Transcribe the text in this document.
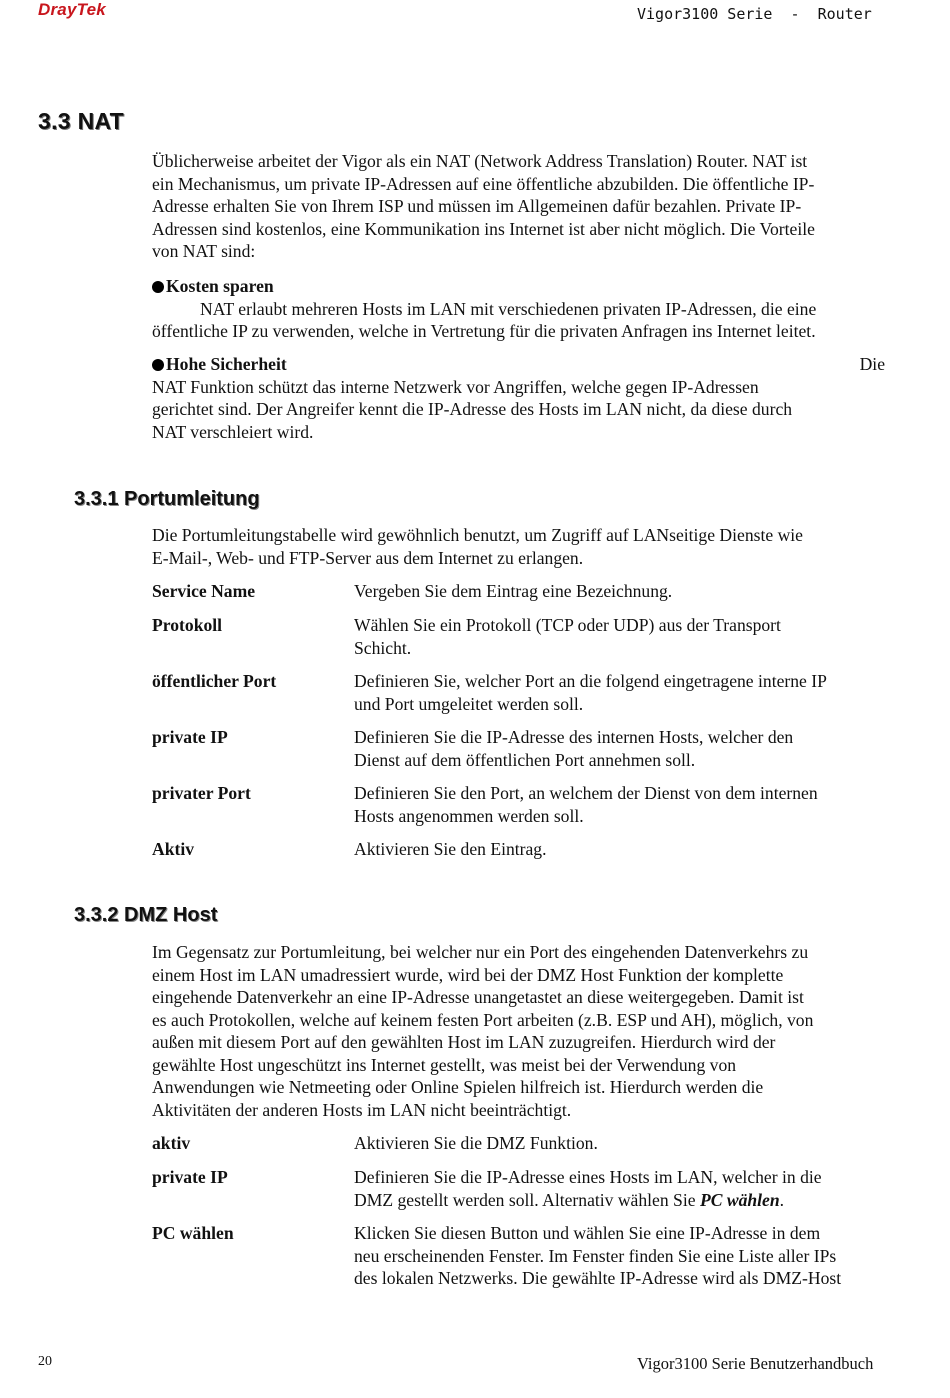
DrayTek	Vigor3100 Serie  -  Router
3.3 NAT

Üblicherweise arbeitet der Vigor als ein NAT (Network Address Translation) Router. NAT ist

ein Mechanismus, um private IP-Adressen auf eine öffentliche abzubilden. Die öffentliche IP-

Adresse erhalten Sie von Ihrem ISP und müssen im Allgemeinen dafür bezahlen. Private IP-

Adressen sind kostenlos, eine Kommunikation ins Internet ist aber nicht möglich. Die Vorteile

von NAT sind:

Kosten sparen

NAT erlaubt mehreren Hosts im LAN mit verschiedenen privaten IP-Adressen, die eine

öffentliche IP zu verwenden, welche in Vertretung für die privaten Anfragen ins Internet leitet.

Hohe Sicherheit	Die

NAT Funktion schützt das interne Netzwerk vor Angriffen, welche gegen IP-Adressen

gerichtet sind. Der Angreifer kennt die IP-Adresse des Hosts im LAN nicht, da diese durch

NAT verschleiert wird.

3.3.1 Portumleitung

Die Portumleitungstabelle wird gewöhnlich benutzt, um Zugriff auf LANseitige Dienste wie

E-Mail-, Web- und FTP-Server aus dem Internet zu erlangen.

Service Name	Vergeben Sie dem Eintrag eine Bezeichnung.
Protokoll	Wählen Sie ein Protokoll (TCP oder UDP) aus der Transport
Schicht.
öffentlicher Port	Definieren Sie, welcher Port an die folgend eingetragene interne IP
und Port umgeleitet werden soll.
private IP	Definieren Sie die IP-Adresse des internen Hosts, welcher den
Dienst auf dem öffentlichen Port annehmen soll.
privater Port	Definieren Sie den Port, an welchem der Dienst von dem internen
Hosts angenommen werden soll.
Aktiv	Aktivieren Sie den Eintrag.
3.3.2 DMZ Host

Im Gegensatz zur Portumleitung, bei welcher nur ein Port des eingehenden Datenverkehrs zu

einem Host im LAN umadressiert wurde, wird bei der DMZ Host Funktion der komplette

eingehende Datenverkehr an eine IP-Adresse unangetastet an diese weitergegeben. Damit ist

es auch Protokollen, welche auf keinem festen Port arbeiten (z.B. ESP und AH), möglich, von

außen mit diesem Port auf den gewählten Host im LAN zuzugreifen. Hierdurch wird der

gewählte Host ungeschützt ins Internet gestellt, was meist bei der Verwendung von

Anwendungen wie Netmeeting oder Online Spielen hilfreich ist. Hierdurch werden die

Aktivitäten der anderen Hosts im LAN nicht beeinträchtigt.

aktiv	Aktivieren Sie die DMZ Funktion.
private IP	Definieren Sie die IP-Adresse eines Hosts im LAN, welcher in die
DMZ gestellt werden soll. Alternativ wählen Sie PC wählen.
PC wählen	Klicken Sie diesen Button und wählen Sie eine IP-Adresse in dem
neu erscheinenden Fenster. Im Fenster finden Sie eine Liste aller IPs
des lokalen Netzwerks. Die gewählte IP-Adresse wird als DMZ-Host
20	Vigor3100 Serie Benutzerhandbuch
